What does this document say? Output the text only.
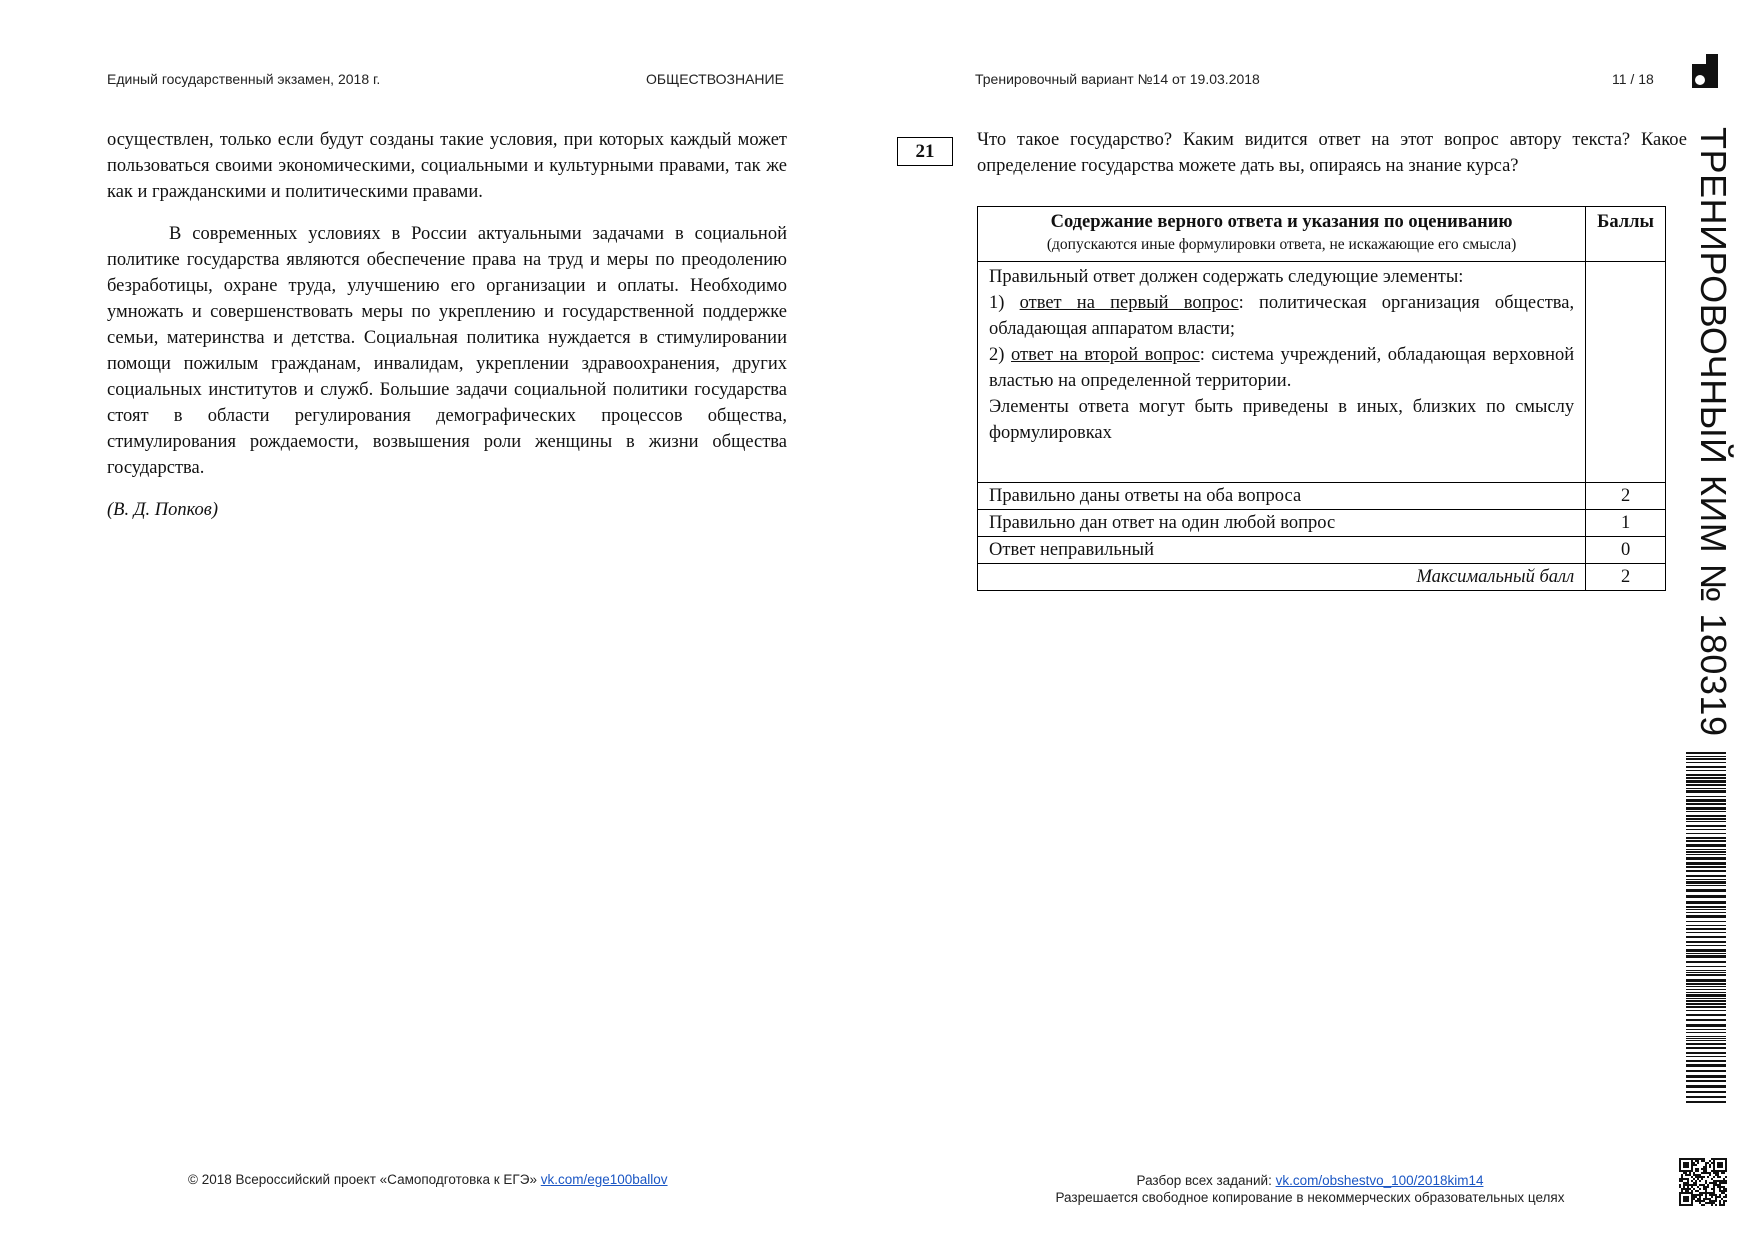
Единый государственный экзамен, 2018 г.	ОБЩЕСТВОЗНАНИЕ	Тренировочный вариант №14 от 19.03.2018	11 / 18

осуществлен, только если будут созданы такие условия, при которых каждый может пользоваться своими экономическими, социальными и культурными правами, так же как и гражданскими и политическими правами.

В современных условиях в России актуальными задачами в социальной политике государства являются обеспечение права на труд и меры по преодолению безработицы, охране труда, улучшению его организации и оплаты. Необходимо умножать и совершенствовать меры по укреплению и государственной поддержке семьи, материнства и детства. Социальная политика нуждается в стимулировании помощи пожилым гражданам, инвалидам, укреплении здравоохранения, других социальных институтов и служб. Большие задачи социальной политики государства стоят в области регулирования демографических процессов общества, стимулирования рождаемости, возвышения роли женщины в жизни общества государства.

(В. Д. Попков)

21
Что такое государство? Каким видится ответ на этот вопрос автору текста? Какое определение государства можете дать вы, опираясь на знание курса?
Содержание верного ответа и указания по оцениванию
(допускаются иные формулировки ответа, не искажающие его смысла)	Баллы

Правильный ответ должен содержать следующие элементы:

1) ответ на первый вопрос: политическая организация общества, обладающая аппаратом власти;

2) ответ на второй вопрос: система учреждений, обладающая верховной властью на определенной территории.

Элементы ответа могут быть приведены в иных, близких по смыслу формулировках	

Правильно даны ответы на оба вопроса	2
Правильно дан ответ на один любой вопрос	1
Ответ неправильный	0
Максимальный балл	2 ТРЕНИРОВОЧНЫЙ КИМ № 180319
© 2018 Всероссийский проект «Самоподготовка к ЕГЭ» vk.com/ege100ballov	Разбор всех заданий: vk.com/obshestvo_100/2018kim14
Разрешается свободное копирование в некоммерческих образовательных целях
